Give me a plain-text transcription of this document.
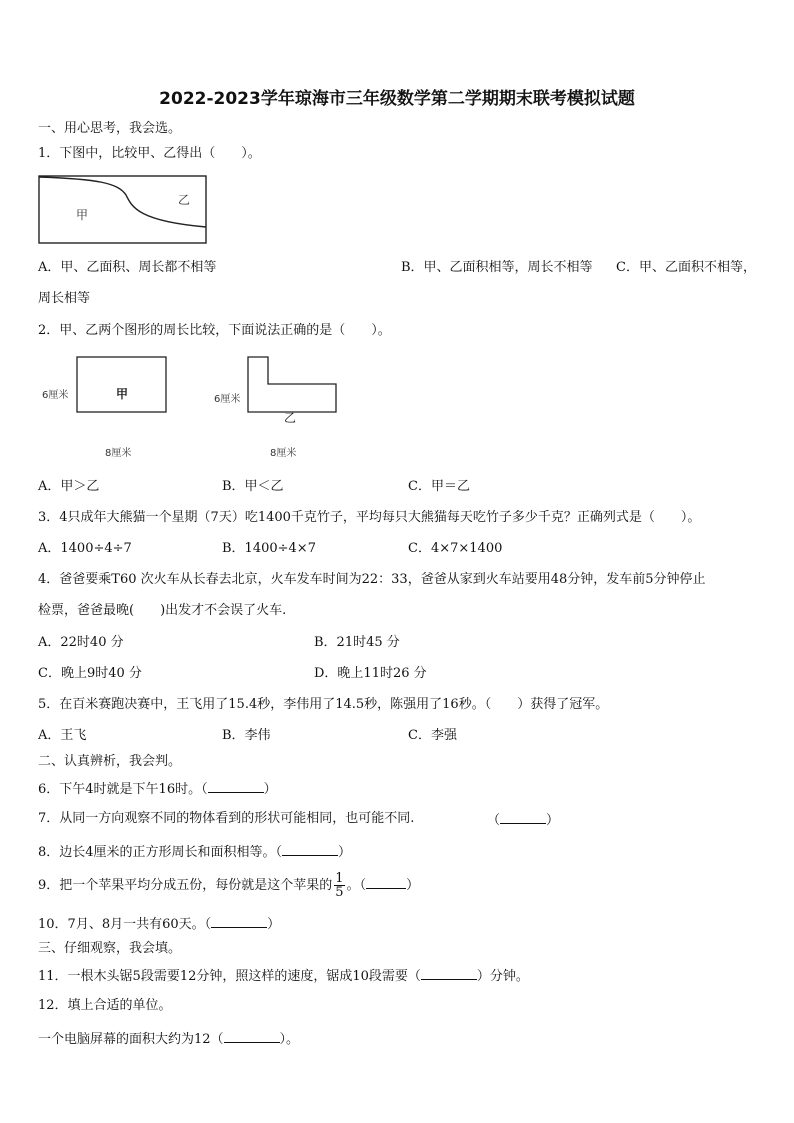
2022-2023学年琼海市三年级数学第二学期期末联考模拟试题
一、用心思考，我会选。
1．下图中，比较甲、乙得出（　　）。
甲
乙
A．甲、乙面积、周长都不相等	B．甲、乙面积相等，周长不相等 C．甲、乙面积不相等，
周长相等
2．甲、乙两个图形的周长比较，下面说法正确的是（　　）。
6厘米	甲
8厘米
6厘米
乙
8厘米
A．甲＞乙	B．甲＜乙	C．甲＝乙
3．4只成年大熊猫一个星期（7天）吃1400千克竹子，平均每只大熊猫每天吃竹子多少千克？正确列式是（　　）。
A．1400÷4÷7	B．1400÷4×7	C．4×7×1400
4．爸爸要乘T60 次火车从长春去北京，火车发车时间为22：33，爸爸从家到火车站要用48分钟，发车前5分钟停止
检票，爸爸最晚(　　)出发才不会误了火车.
A．22时40 分	B．21时45 分
C．晚上9时40 分	D．晚上11时26 分
5．在百米赛跑决赛中，王飞用了15.4秒，李伟用了14.5秒，陈强用了16秒。（　　）获得了冠军。
A．王飞	B．李伟	C．李强
二、认真辨析，我会判。
6．下午4时就是下午16时。（	）
7．从同一方向观察不同的物体看到的形状可能相同，也可能不同.	（	）
8．边长4厘米的正方形周长和面积相等。（	）
9．把一个苹果平均分成五份，每份就是这个苹果的 $\frac{1}{5}$ 。（	）
10．7月、8月一共有60天。（	）
三、仔细观察，我会填。
11．一根木头锯5段需要12分钟，照这样的速度，锯成10段需要（	）分钟。
12．填上合适的单位。
一个电脑屏幕的面积大约为12（	）。
